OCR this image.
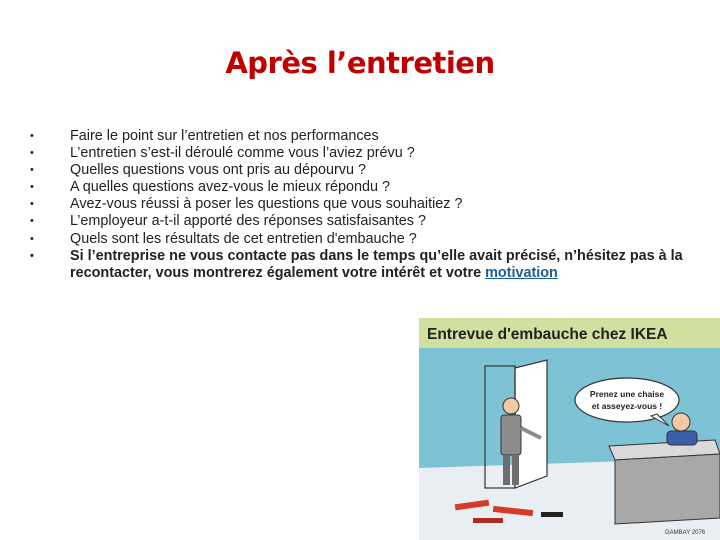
Après l’entretien
•	Faire le point sur l’entretien et nos performances
•	L’entretien s’est-il déroulé comme vous l’aviez prévu ?
•	Quelles questions vous ont pris au dépourvu ?
•	A quelles questions avez-vous le mieux répondu ?
•	Avez-vous réussi à poser les questions que vous souhaitiez ?
•	L’employeur a-t-il apporté des réponses satisfaisantes ?
•	Quels sont les résultats de cet entretien d'embauche ?
•	Si l’entreprise ne vous contacte pas dans le temps qu’elle avait précisé, n’hésitez pas à la recontacter, vous montrerez également votre intérêt et votre motivation
Entrevue d'embauche chez IKEA
Prenez une chaise
et asseyez-vous !
GAMBAY 2076
